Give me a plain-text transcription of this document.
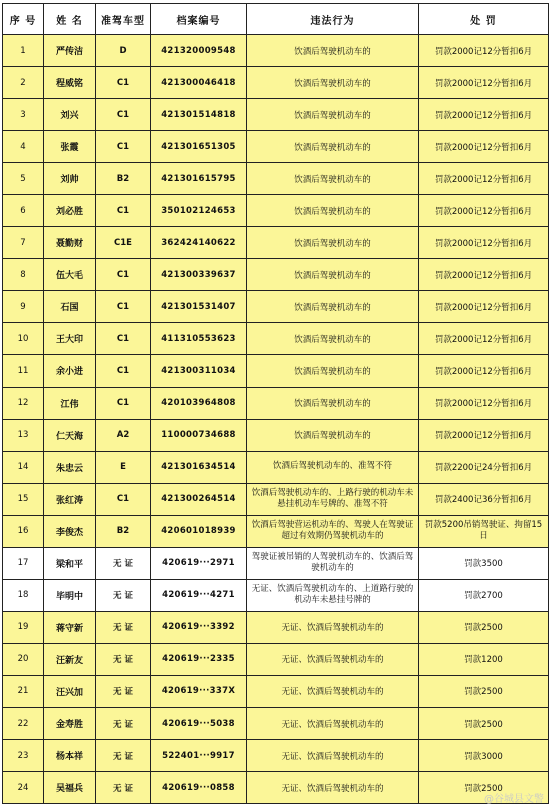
序 号	姓 名	准驾车型	档案编号	违法行为	处 罚
1	严传洁	D	421320009548	饮酒后驾驶机动车的	罚款2000记12分暂扣6月
2	程威铭	C1	421300046418	饮酒后驾驶机动车的	罚款2000记12分暂扣6月
3	刘兴	C1	421301514818	饮酒后驾驶机动车的	罚款2000记12分暂扣6月
4	张霞	C1	421301651305	饮酒后驾驶机动车的	罚款2000记12分暂扣6月
5	刘帅	B2	421301615795	饮酒后驾驶机动车的	罚款2000记12分暂扣6月
6	刘必胜	C1	350102124653	饮酒后驾驶机动车的	罚款2000记12分暂扣6月
7	聂勤财	C1E	362424140622	饮酒后驾驶机动车的	罚款2000记12分暂扣6月
8	伍大毛	C1	421300339637	饮酒后驾驶机动车的	罚款2000记12分暂扣6月
9	石国	C1	421301531407	饮酒后驾驶机动车的	罚款2000记12分暂扣6月
10	王大印	C1	411310553623	饮酒后驾驶机动车的	罚款2000记12分暂扣6月
11	余小进	C1	421300311034	饮酒后驾驶机动车的	罚款2000记12分暂扣6月
12	江伟	C1	420103964808	饮酒后驾驶机动车的	罚款2000记12分暂扣6月
13	仁天海	A2	110000734688	饮酒后驾驶机动车的	罚款2000记12分暂扣6月
14	朱忠云	E	421301634514	饮酒后驾驶机动车的、准驾不符	罚款2200记24分暂扣6月
15	张红涛	C1	421300264514	饮酒后驾驶机动车的、上路行驶的机动车未悬挂机动车号牌的、准驾不符	罚款2400记36分暂扣6月
16	李俊杰	B2	420601018939	饮酒后驾驶营运机动车的、驾驶人在驾驶证超过有效期仍驾驶机动车的	罚款5200吊销驾驶证、拘留15日
17	梁和平	无 证	420619···2971	驾驶证被吊销的人驾驶机动车的、饮酒后驾驶机动车的	罚款3500
18	毕明中	无 证	420619···4271	无证、饮酒后驾驶机动车的、上道路行驶的机动车未悬挂号牌的	罚款2700
19	蒋守新	无 证	420619···3392	无证、饮酒后驾驶机动车的	罚款2500
20	汪新友	无 证	420619···2335	无证、饮酒后驾驶机动车的	罚款1200
21	汪兴加	无 证	420619···337X	无证、饮酒后驾驶机动车的	罚款2500
22	金寿胜	无 证	420619···5038	无证、饮酒后驾驶机动车的	罚款2500
23	杨本祥	无 证	522401···9917	无证、饮酒后驾驶机动车的	罚款3000
24	吴福兵	无 证	420619···0858	无证、饮酒后驾驶机动车的	罚款2500
@谷城县文警
